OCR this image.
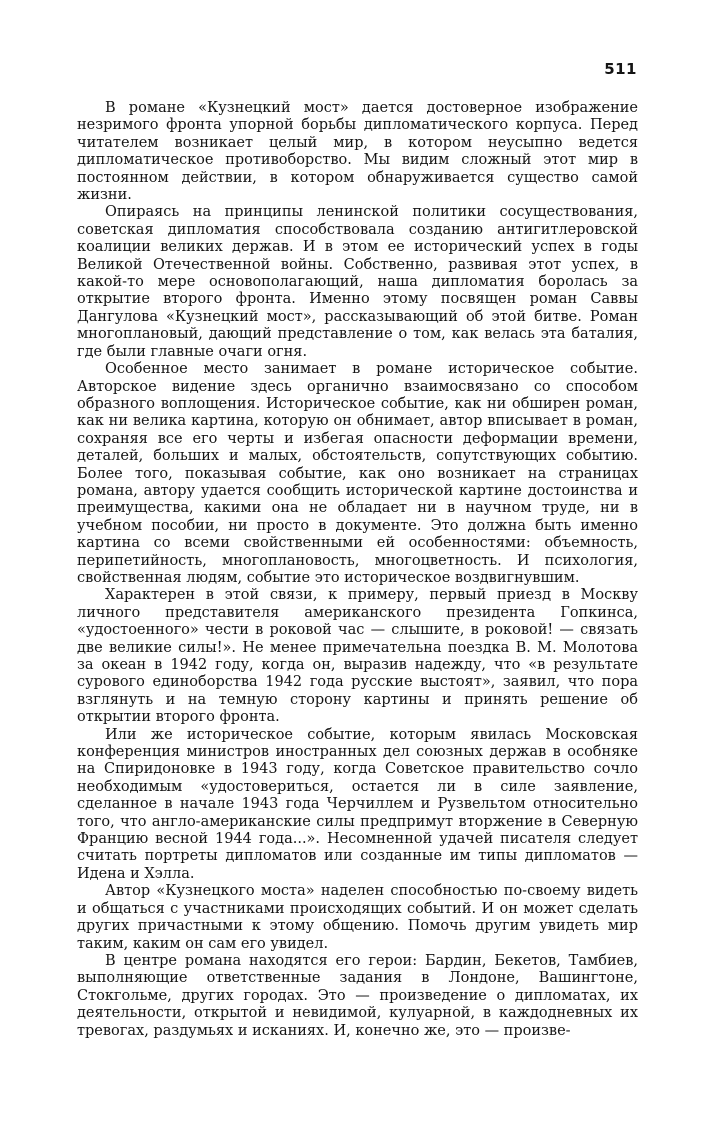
511

В романе «Кузнецкий мост» дается достоверное изображение незримого фронта упорной борьбы дипломатического корпуса. Перед читателем возникает целый мир, в котором неусыпно ведется дипломатическое противоборство. Мы видим сложный этот мир в постоянном действии, в котором обнаруживается существо самой жизни.

Опираясь на принципы ленинской политики сосуществования, советская дипломатия способствовала созданию антигитлеровской коалиции великих держав. И в этом ее исторический успех в годы Великой Отечественной войны. Собственно, развивая этот успех, в какой-то мере основополагающий, наша дипломатия боролась за открытие второго фронта. Именно этому посвящен роман Саввы Дангулова «Кузнецкий мост», рассказывающий об этой битве. Роман многоплановый, дающий представление о том, как велась эта баталия, где были главные очаги огня.

Особенное место занимает в романе историческое событие. Авторское видение здесь органично взаимосвязано со способом образного воплощения. Историческое событие, как ни обширен роман, как ни велика картина, которую он обнимает, автор вписывает в роман, сохраняя все его черты и избегая опасности деформации времени, деталей, больших и малых, обстоятельств, сопутствующих событию. Более того, показывая событие, как оно возникает на страницах романа, автору удается сообщить исторической картине достоинства и преимущества, какими она не обладает ни в научном труде, ни в учебном пособии, ни просто в документе. Это должна быть именно картина со всеми свойственными ей особенностями: объемность, перипетийность, многоплановость, многоцветность. И психология, свойственная людям, событие это историческое воздвигнувшим.

Характерен в этой связи, к примеру, первый приезд в Москву личного представителя американского президента Гопкинса, «удостоенного» чести в роковой час — слышите, в роковой! — связать две великие силы!». Не менее примечательна поездка В. М. Молотова за океан в 1942 году, когда он, выразив надежду, что «в результате сурового единоборства 1942 года русские выстоят», заявил, что пора взглянуть и на темную сторону картины и принять решение об открытии второго фронта.

Или же историческое событие, которым явилась Московская конференция министров иностранных дел союзных держав в особняке на Спиридоновке в 1943 году, когда Советское правительство сочло необходимым «удостовериться, остается ли в силе заявление, сделанное в начале 1943 года Черчиллем и Рузвельтом относительно того, что англо-американские силы предпримут вторжение в Северную Францию весной 1944 года...». Несомненной удачей писателя следует считать портреты дипломатов или созданные им типы дипломатов — Идена и Хэлла.

Автор «Кузнецкого моста» наделен способностью по-своему видеть и общаться с участниками происходящих событий. И он может сделать других причастными к этому общению. Помочь другим увидеть мир таким, каким он сам его увидел.

В центре романа находятся его герои: Бардин, Бекетов, Тамбиев, выполняющие ответственные задания в Лондоне, Вашингтоне, Стокгольме, других городах. Это — произведение о дипломатах, их деятельности, открытой и невидимой, кулуарной, в каждодневных их тревогах, раздумьях и исканиях. И, конечно же, это — произве-
